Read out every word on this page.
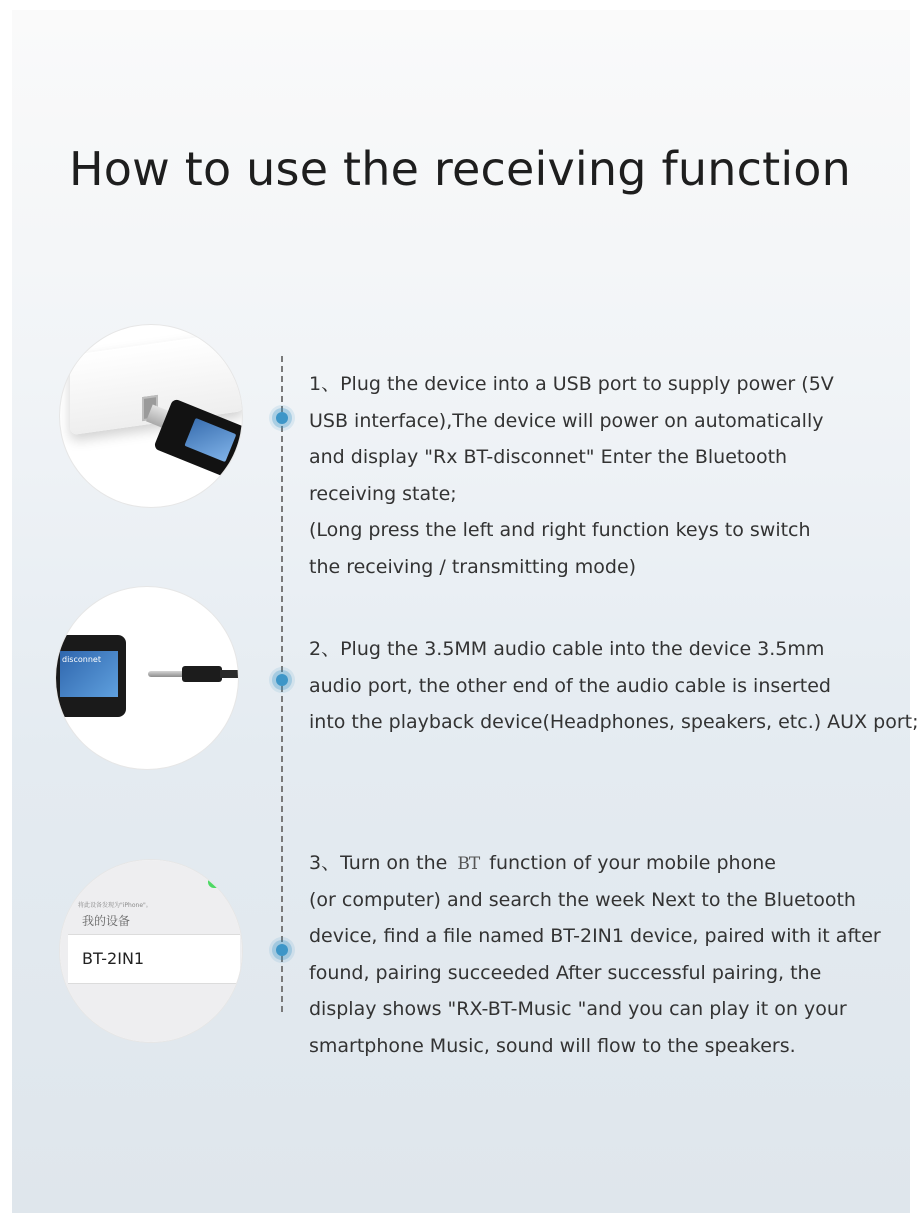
How to use the receiving function
disconnet
将此设备发现为"iPhone"。
我的设备
BT-2IN1
1、Plug the device into a USB port to supply power (5V
USB interface),The device will power on automatically
and display "Rx BT-disconnet" Enter the Bluetooth
receiving state;
(Long press the left and right function keys to switch
the receiving / transmitting mode)
2、Plug the 3.5MM audio cable into the device 3.5mm
audio port, the other end of the audio cable is inserted
into the playback device(Headphones, speakers, etc.) AUX port;
3、Turn on the BT function of your mobile phone
(or computer) and search the week Next to the Bluetooth
device, find a file named BT-2IN1 device, paired with it after
found, pairing succeeded After successful pairing, the
display shows "RX-BT-Music "and you can play it on your
smartphone Music, sound will flow to the speakers.
